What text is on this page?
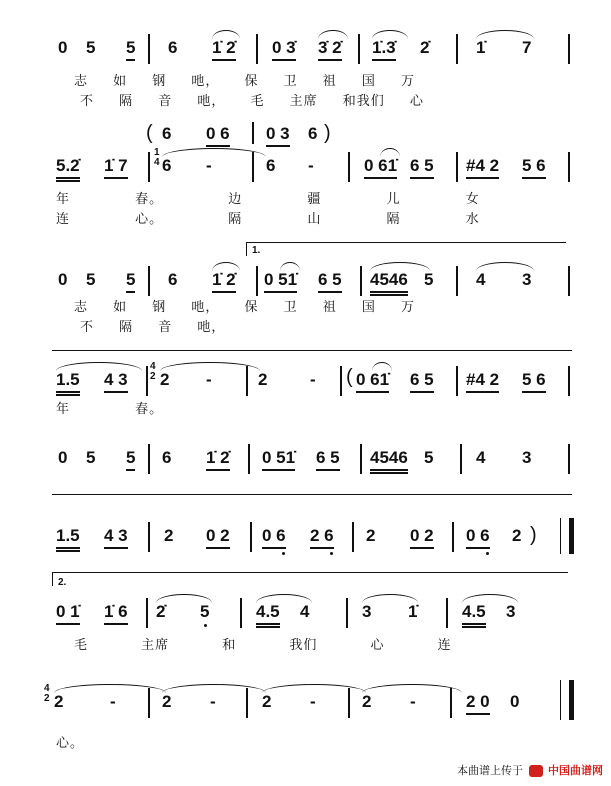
0 5 5 6 1̇ 2̇ 0 3̇ 3̇ 2̇ 1̇.3̇ 2̇	1̇ 7
志 如 钢 吔， 保 卫 祖 国 万
不 隔 音 吔， 毛 主席 和我们 心
( 6 0 6 0 3 6 )
5.2̇ 1̇ 7
1
4 6 -	6 -	0 61̇ 6 5 #4 2 5 6
年 春。 边 疆 儿 女
连 心。 隔 山 隔 水
1.
0 5 5 6 1̇ 2̇ 0 51̇ 6 5 4546 5	4 3
志 如 钢 吔， 保 卫 祖 国 万
不 隔 音 吔，
1.5 4 3
4
2 2 -	2	- ( 0 61̇ 6 5 #4 2 5 6
年 春。
0 5 5 6 1̇ 2̇ 0 51̇ 6 5 4546 5	4 3
1.5 4 3 2 0 2 0 6 2 6 2 0 2 0 6 2 )
2.
0 1̇ 1̇ 6 2̇ 5	4.5 4	3 1̇	4.5 3
毛 主席 和 我们 心 连
4
2 2	-	2 -	2 -	2 -	2 0 0
心。
本曲谱上传于 中国曲谱网
